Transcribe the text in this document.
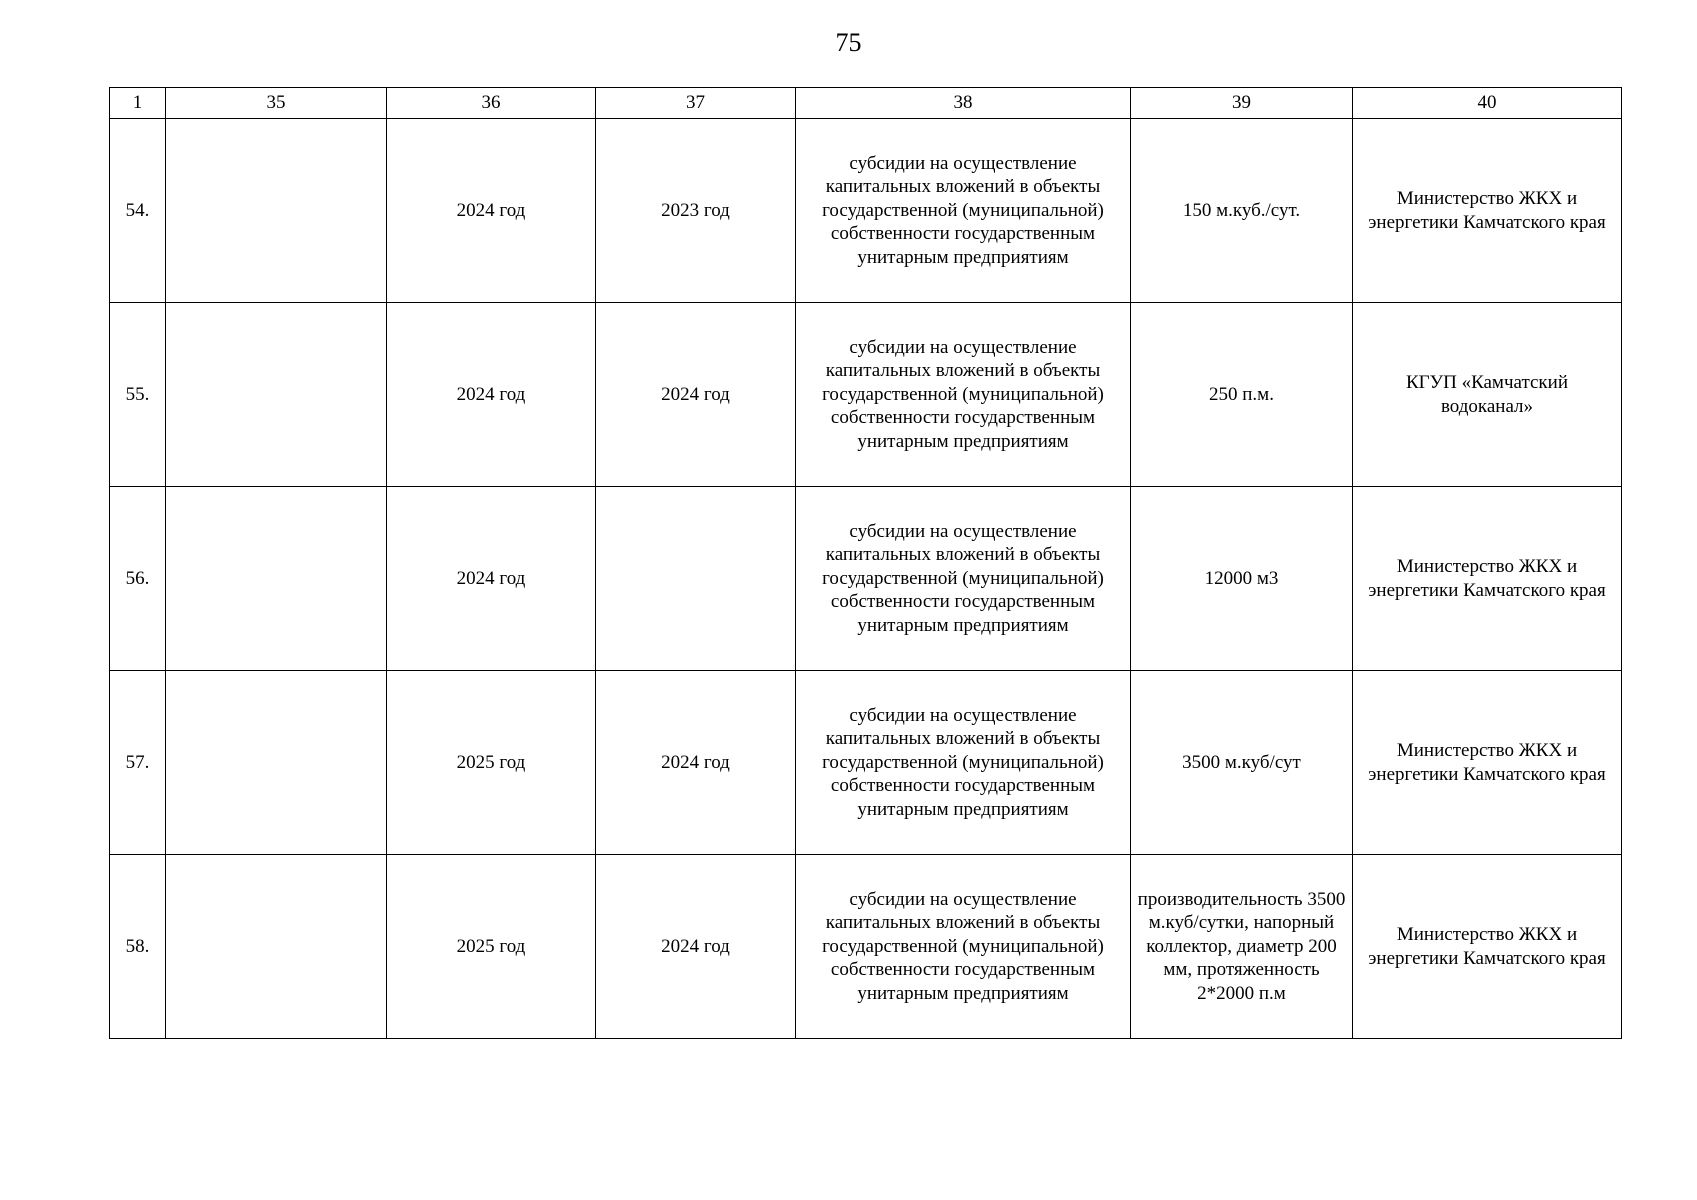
75
1	35	36	37	38	39	40
54.		2024 год	2023 год	субсидии на осуществление капитальных вложений в объекты государственной (муниципальной) собственности государственным унитарным предприятиям	150 м.куб./сут.	Министерство ЖКХ и энергетики Камчатского края
55.		2024 год	2024 год	субсидии на осуществление капитальных вложений в объекты государственной (муниципальной) собственности государственным унитарным предприятиям	250 п.м.	КГУП «Камчатский водоканал»
56.		2024 год		субсидии на осуществление капитальных вложений в объекты государственной (муниципальной) собственности государственным унитарным предприятиям	12000 м3	Министерство ЖКХ и энергетики Камчатского края
57.		2025 год	2024 год	субсидии на осуществление капитальных вложений в объекты государственной (муниципальной) собственности государственным унитарным предприятиям	3500 м.куб/сут	Министерство ЖКХ и энергетики Камчатского края
58.		2025 год	2024 год	субсидии на осуществление капитальных вложений в объекты государственной (муниципальной) собственности государственным унитарным предприятиям	производительность 3500 м.куб/сутки, напорный коллектор, диаметр 200 мм, протяженность 2*2000 п.м	Министерство ЖКХ и энергетики Камчатского края
